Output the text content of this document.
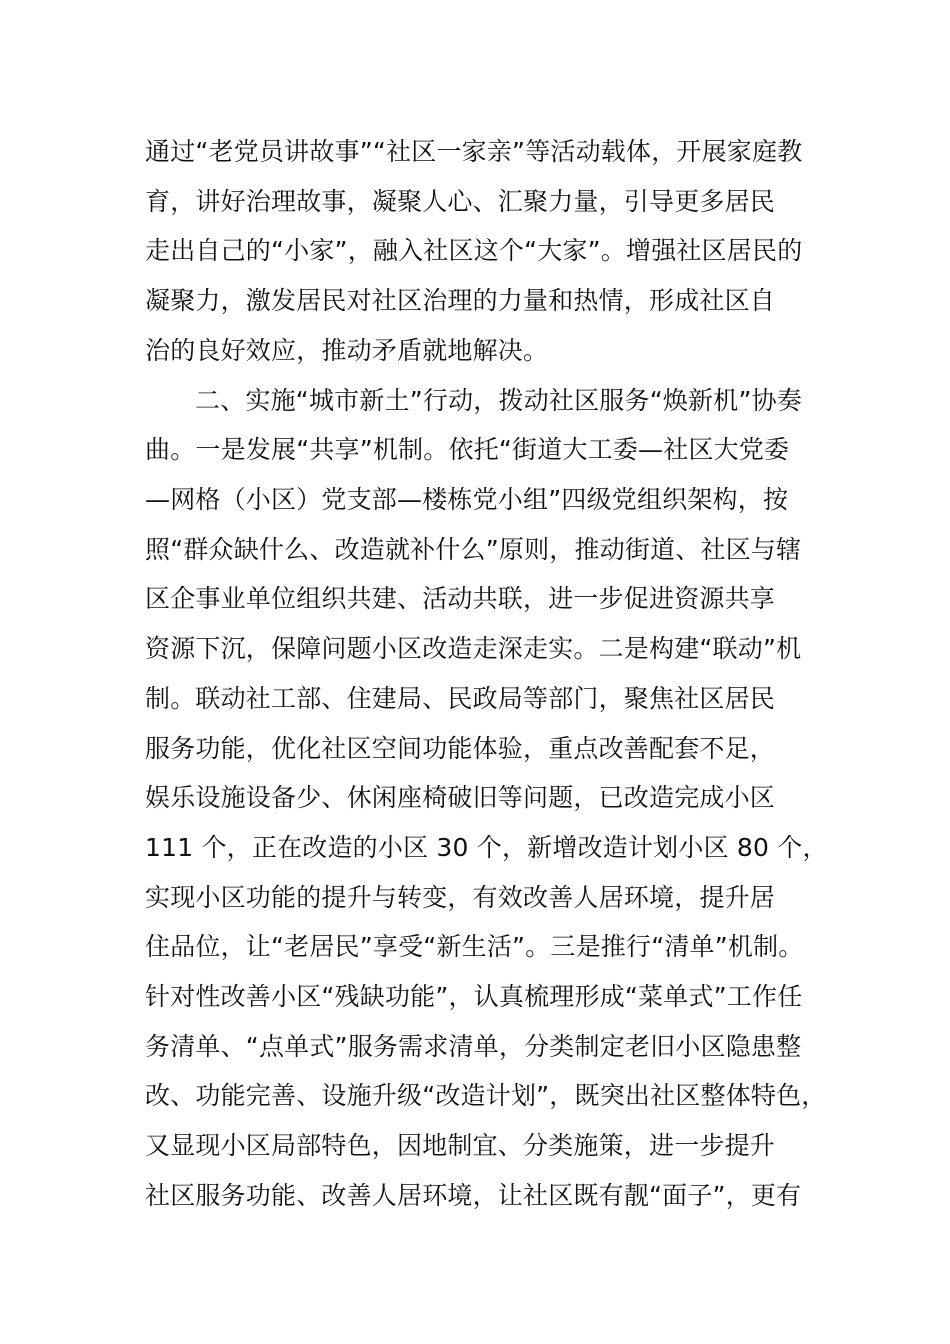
通过“老党员讲故事”“社区一家亲”等活动载体，开展家庭教
育，讲好治理故事，凝聚人心、汇聚力量，引导更多居民
走出自己的“小家”，融入社区这个“大家”。增强社区居民的
凝聚力，激发居民对社区治理的力量和热情，形成社区自
治的良好效应，推动矛盾就地解决。
二、实施“城市新土”行动，拨动社区服务“焕新机”协奏
曲。一是发展“共享”机制。依托“街道大工委—社区大党委
—网格（小区）党支部—楼栋党小组”四级党组织架构，按
照“群众缺什么、改造就补什么”原则，推动街道、社区与辖
区企事业单位组织共建、活动共联，进一步促进资源共享
资源下沉，保障问题小区改造走深走实。二是构建“联动”机
制。联动社工部、住建局、民政局等部门，聚焦社区居民
服务功能，优化社区空间功能体验，重点改善配套不足，
娱乐设施设备少、休闲座椅破旧等问题，已改造完成小区
111 个，正在改造的小区 30 个，新增改造计划小区 80 个，
实现小区功能的提升与转变，有效改善人居环境，提升居
住品位，让“老居民”享受“新生活”。三是推行“清单”机制。
针对性改善小区“残缺功能”，认真梳理形成“菜单式”工作任
务清单、“点单式”服务需求清单，分类制定老旧小区隐患整
改、功能完善、设施升级“改造计划”，既突出社区整体特色，
又显现小区局部特色，因地制宜、分类施策，进一步提升
社区服务功能、改善人居环境，让社区既有靓“面子”，更有
